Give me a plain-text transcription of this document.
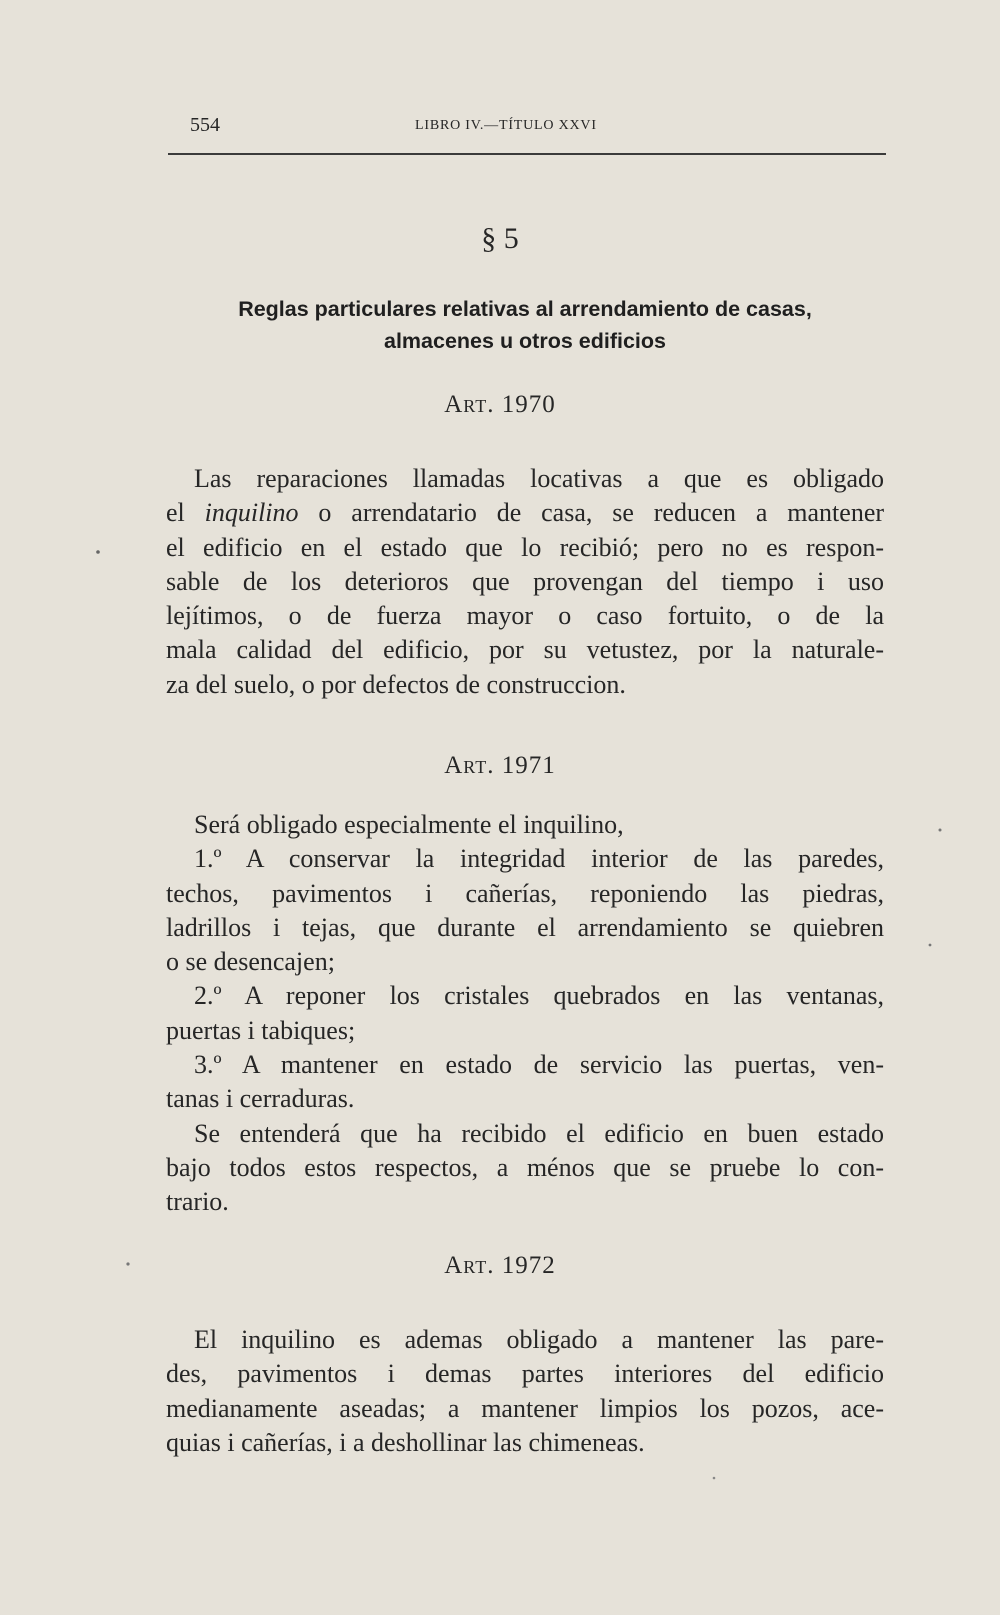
554	LIBRO IV.—TÍTULO XXVI
§ 5
Reglas particulares relativas al arrendamiento de casas,
almacenes u otros edificios
Art. 1970
Las reparaciones llamadas locativas a que es obligado
el inquilino o arrendatario de casa, se reducen a mantener
el edificio en el estado que lo recibió; pero no es respon-
sable de los deterioros que provengan del tiempo i uso
lejítimos, o de fuerza mayor o caso fortuito, o de la
mala calidad del edificio, por su vetustez, por la naturale-
za del suelo, o por defectos de construccion.
Art. 1971
Será obligado especialmente el inquilino,
1.º A conservar la integridad interior de las paredes,
techos, pavimentos i cañerías, reponiendo las piedras,
ladrillos i tejas, que durante el arrendamiento se quiebren
o se desencajen;
2.º A reponer los cristales quebrados en las ventanas,
puertas i tabiques;
3.º A mantener en estado de servicio las puertas, ven-
tanas i cerraduras.
Se entenderá que ha recibido el edificio en buen estado
bajo todos estos respectos, a ménos que se pruebe lo con-
trario.
Art. 1972
El inquilino es ademas obligado a mantener las pare-
des, pavimentos i demas partes interiores del edificio
medianamente aseadas; a mantener limpios los pozos, ace-
quias i cañerías, i a deshollinar las chimeneas.
